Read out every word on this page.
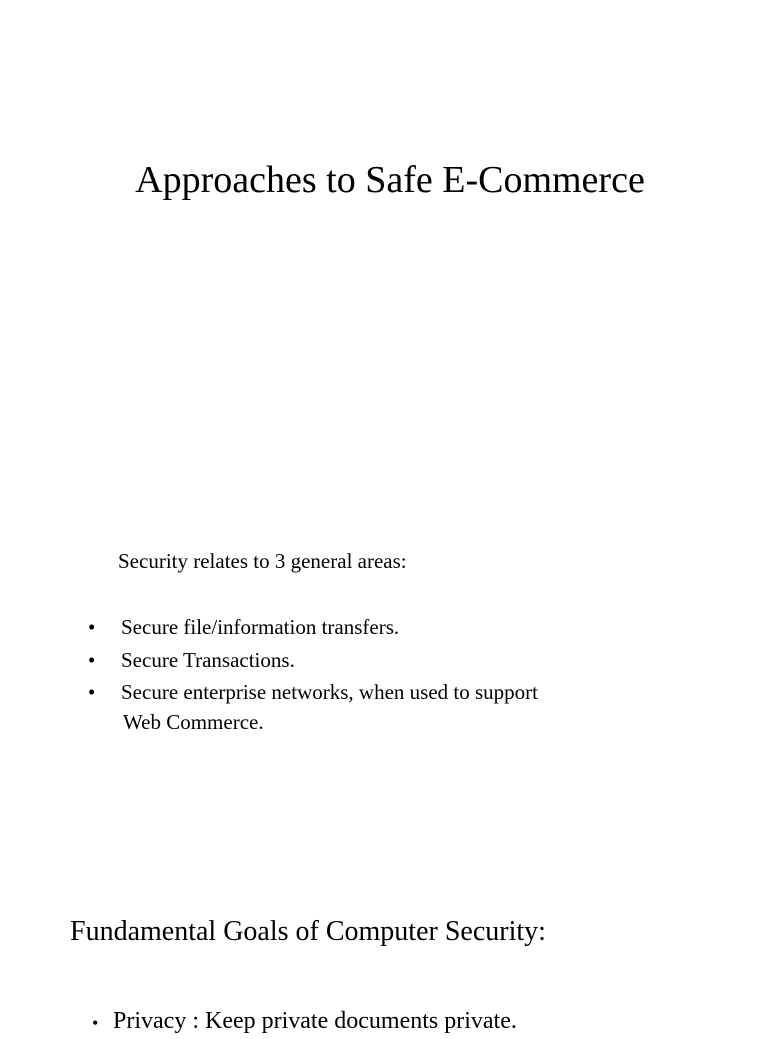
Approaches to Safe E-Commerce
Security relates to 3 general areas:
• Secure file/information transfers.
• Secure Transactions.
• Secure enterprise networks, when used to support
Web Commerce.
Fundamental Goals of Computer Security:
• Privacy : Keep private documents private.
